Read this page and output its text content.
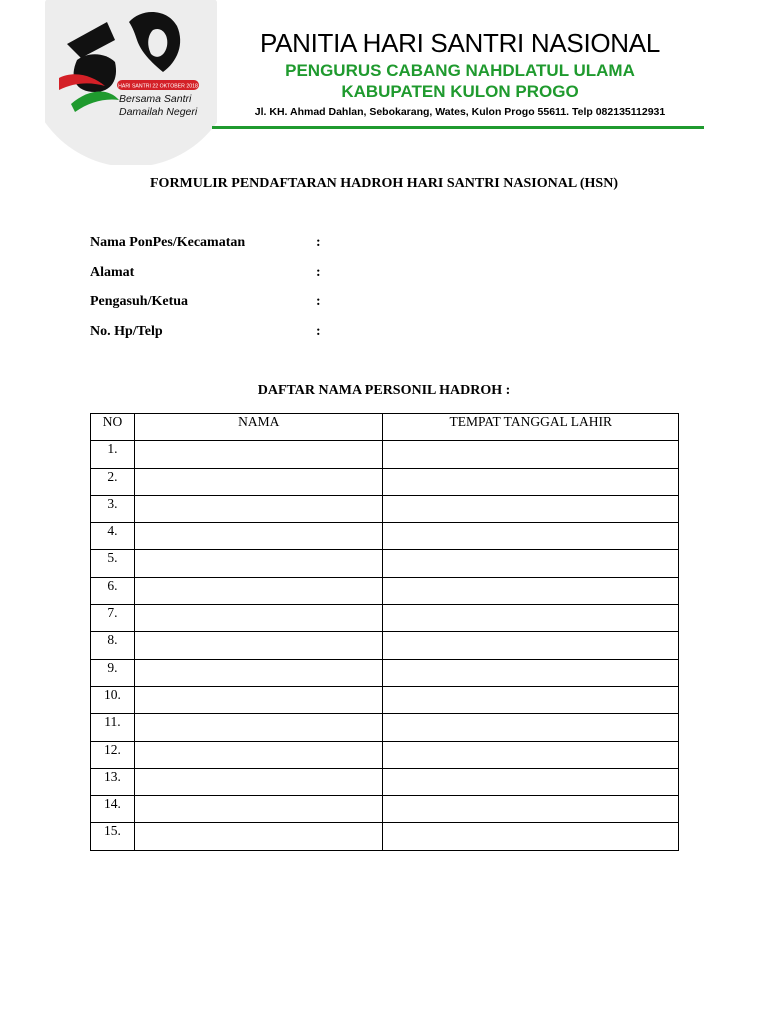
HARI SANTRI 22 OKTOBER 2018
Bersama Santri
Damailah Negeri
PANITIA HARI SANTRI NASIONAL
PENGURUS CABANG NAHDLATUL ULAMA
KABUPATEN KULON PROGO
Jl. KH. Ahmad Dahlan, Sebokarang, Wates, Kulon Progo 55611. Telp 082135112931
FORMULIR PENDAFTARAN HADROH HARI SANTRI NASIONAL (HSN)
Nama PonPes/Kecamatan	:
Alamat	:
Pengasuh/Ketua	:
No. Hp/Telp	:
DAFTAR NAMA PERSONIL HADROH :
NO	NAMA	TEMPAT TANGGAL LAHIR
1.		
2.		
3.		
4.		
5.		
6.		
7.		
8.		
9.		
10.		
11.		
12.		
13.		
14.		
15.		
